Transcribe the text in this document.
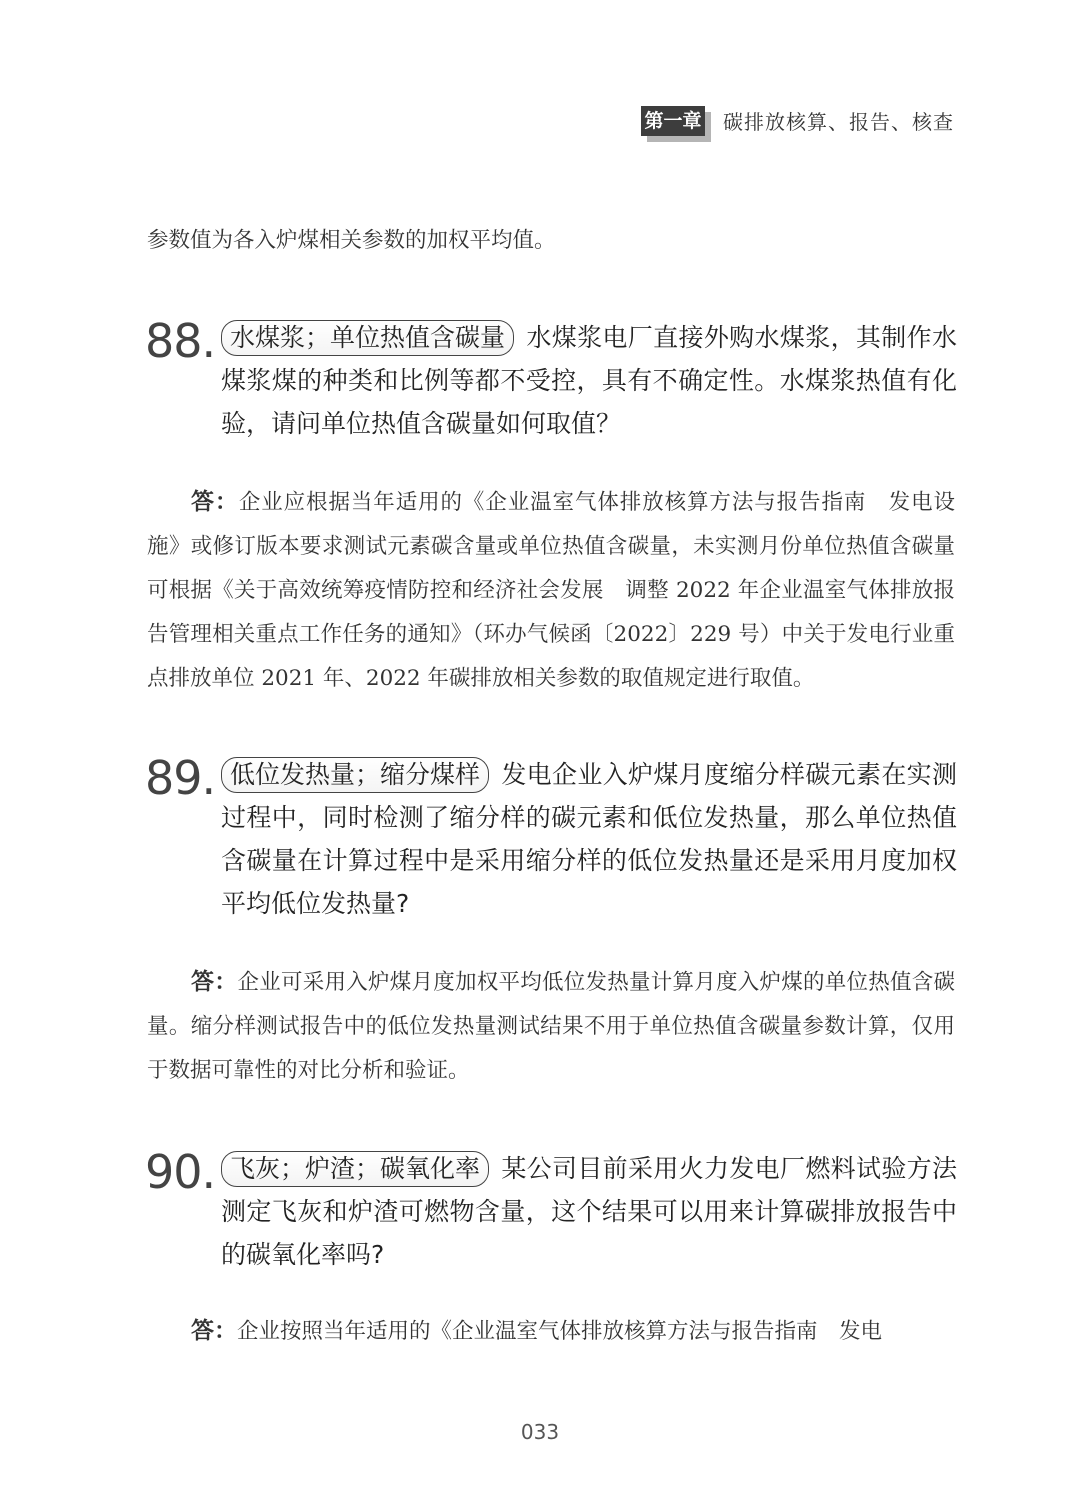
第一章 碳排放核算、报告、核查
参数值为各入炉煤相关参数的加权平均值。
88. 水煤浆；单位热值含碳量 水煤浆电厂直接外购水煤浆，其制作水煤浆煤的种类和比例等都不受控，具有不确定性。水煤浆热值有化验，请问单位热值含碳量如何取值？
答：企业应根据当年适用的《企业温室气体排放核算方法与报告指南　发电设施》或修订版本要求测试元素碳含量或单位热值含碳量，未实测月份单位热值含碳量可根据《关于高效统筹疫情防控和经济社会发展　调整 2022 年企业温室气体排放报告管理相关重点工作任务的通知》（环办气候函〔2022〕229 号）中关于发电行业重点排放单位 2021 年、2022 年碳排放相关参数的取值规定进行取值。
89. 低位发热量；缩分煤样 发电企业入炉煤月度缩分样碳元素在实测过程中，同时检测了缩分样的碳元素和低位发热量，那么单位热值含碳量在计算过程中是采用缩分样的低位发热量还是采用月度加权平均低位发热量?
答：企业可采用入炉煤月度加权平均低位发热量计算月度入炉煤的单位热值含碳量。缩分样测试报告中的低位发热量测试结果不用于单位热值含碳量参数计算，仅用于数据可靠性的对比分析和验证。
90. 飞灰；炉渣；碳氧化率 某公司目前采用火力发电厂燃料试验方法测定飞灰和炉渣可燃物含量，这个结果可以用来计算碳排放报告中的碳氧化率吗?
答：企业按照当年适用的《企业温室气体排放核算方法与报告指南　发电
033
